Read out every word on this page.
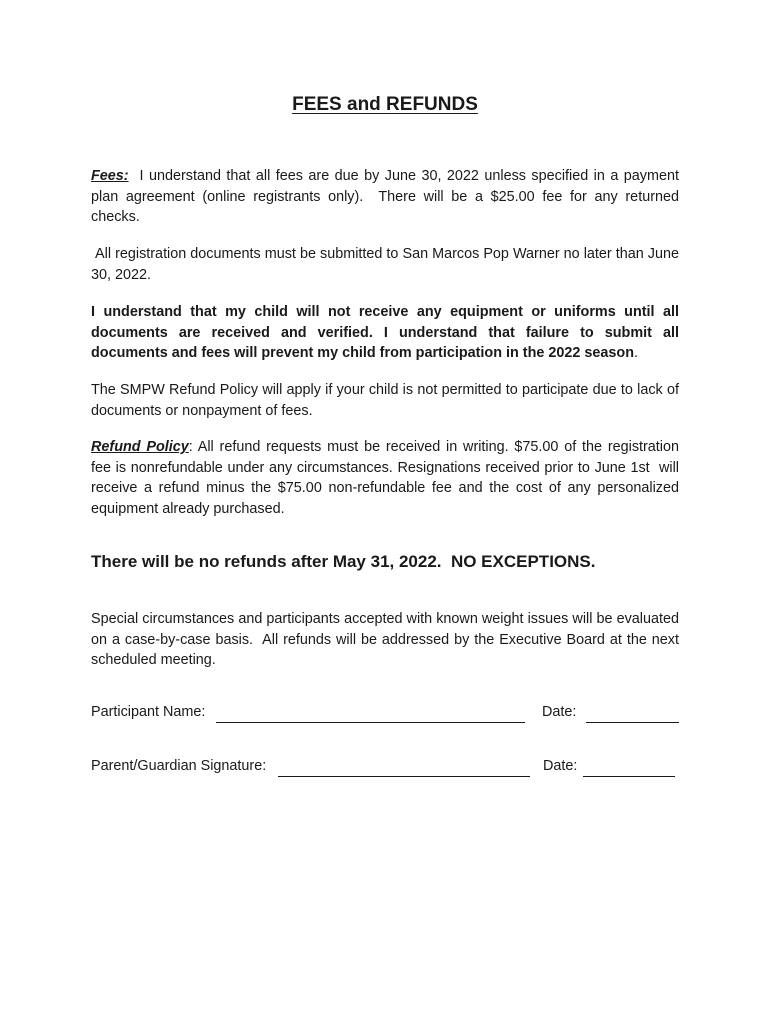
FEES and REFUNDS

Fees:  I understand that all fees are due by June 30, 2022 unless specified in a payment plan agreement (online registrants only).  There will be a $25.00 fee for any returned checks.

All registration documents must be submitted to San Marcos Pop Warner no later than June 30, 2022.

I understand that my child will not receive any equipment or uniforms until all documents are received and verified. I understand that failure to submit all documents and fees will prevent my child from participation in the 2022 season.

The SMPW Refund Policy will apply if your child is not permitted to participate due to lack of documents or nonpayment of fees.

Refund Policy: All refund requests must be received in writing. $75.00 of the registration fee is nonrefundable under any circumstances. Resignations received prior to June 1st  will receive a refund minus the $75.00 non-refundable fee and the cost of any personalized equipment already purchased.

There will be no refunds after May 31, 2022.  NO EXCEPTIONS.

Special circumstances and participants accepted with known weight issues will be evaluated on a case-by-case basis.  All refunds will be addressed by the Executive Board at the next scheduled meeting.

Participant Name:	Date:
Parent/Guardian Signature:	Date:
